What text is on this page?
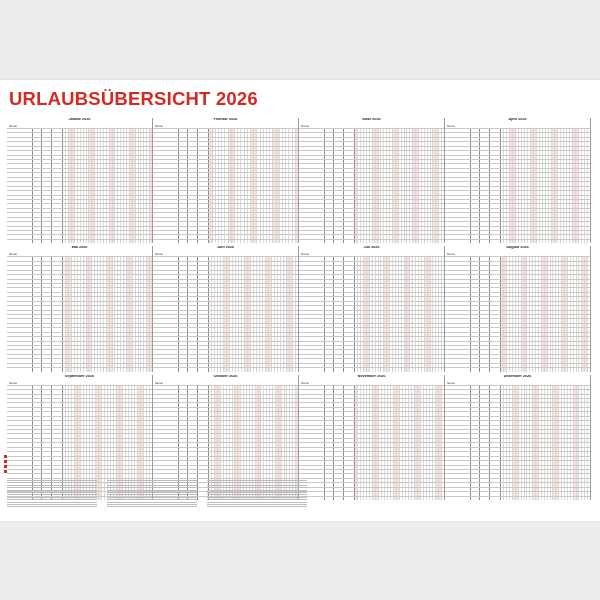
URLAUBSÜBERSICHT 2026
Januar 2026
Name
Februar 2026
Name
März 2026
Name
April 2026
Name
Mai 2026
Name
Juni 2026
Name
Juli 2026
Name
August 2026
Name
September 2026
Name
Oktober 2026
Name
November 2026
Name
Dezember 2026
Name
